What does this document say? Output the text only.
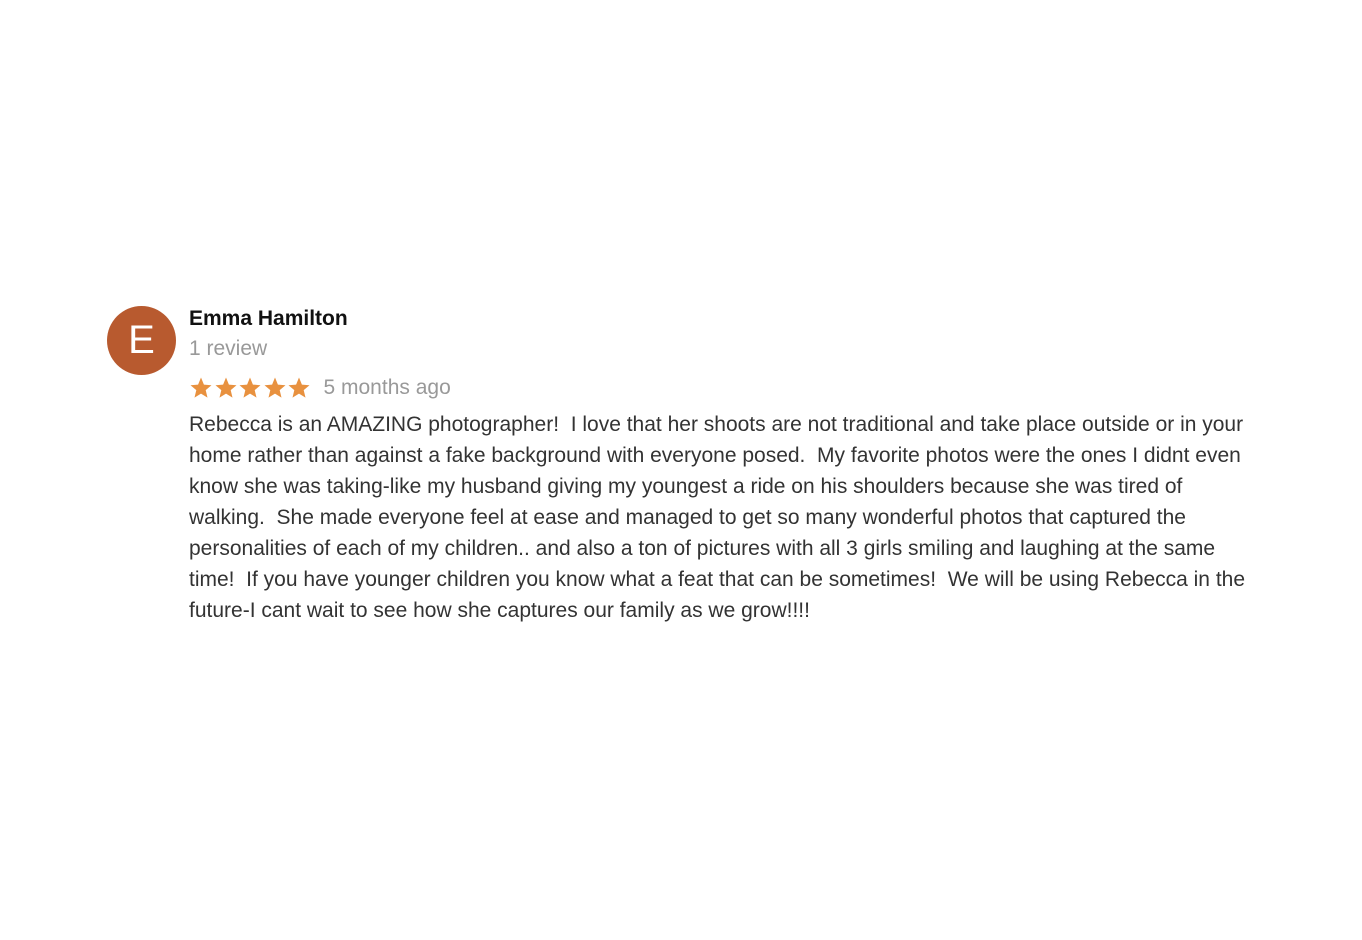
E	Emma Hamilton
1 review
5 months ago
Rebecca is an AMAZING photographer!  I love that her shoots are not traditional and take place outside or in your home rather than against a fake background with everyone posed.  My favorite photos were the ones I didnt even know she was taking-like my husband giving my youngest a ride on his shoulders because she was tired of walking.  She made everyone feel at ease and managed to get so many wonderful photos that captured the personalities of each of my children.. and also a ton of pictures with all 3 girls smiling and laughing at the same time!  If you have younger children you know what a feat that can be sometimes!  We will be using Rebecca in the future-I cant wait to see how she captures our family as we grow!!!!
